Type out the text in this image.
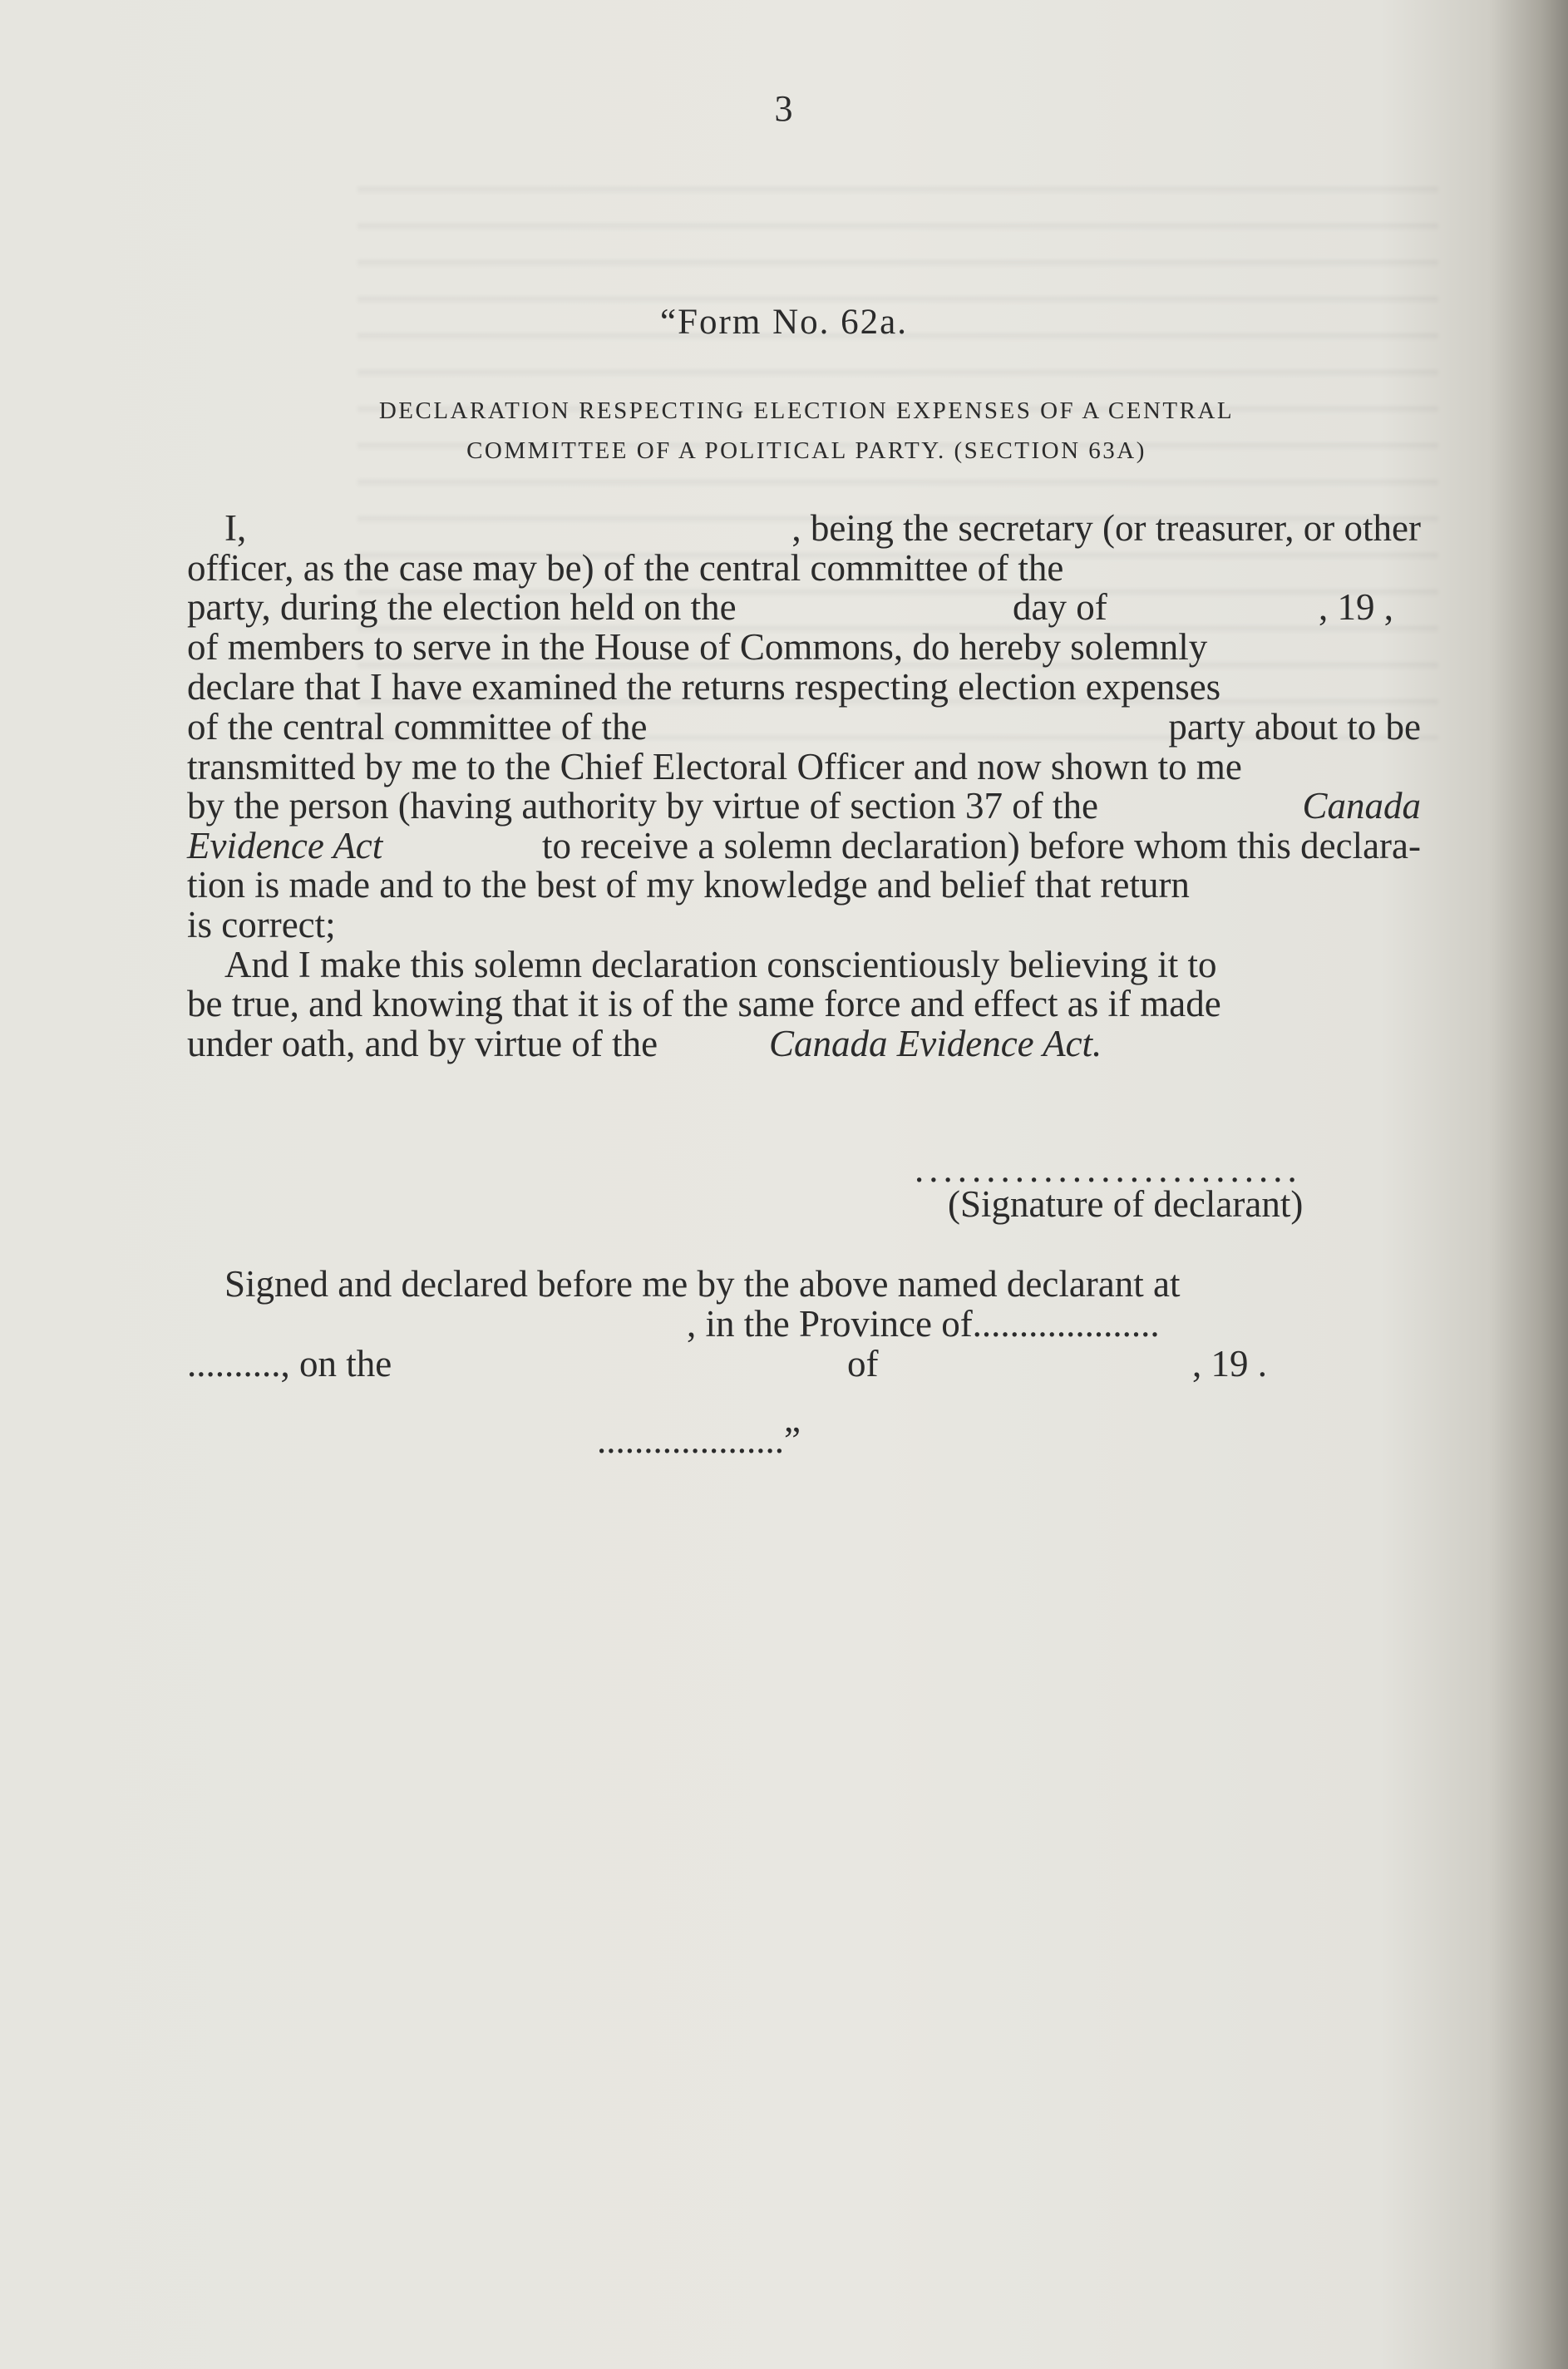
3
“Form No. 62a.
DECLARATION RESPECTING ELECTION EXPENSES OF A CENTRAL
COMMITTEE OF A POLITICAL PARTY. (SECTION 63A)
I,	, being the secretary (or treasurer, or other
officer, as the case may be) of the central committee of the
party, during the election held on the	day of	, 19 ,
of members to serve in the House of Commons, do hereby solemnly
declare that I have examined the returns respecting election expenses
of the central committee of the	party about to be
transmitted by me to the Chief Electoral Officer and now shown to me
by the person (having authority by virtue of section 37 of the	Canada
Evidence Act	to receive a solemn declaration) before whom this declara-
tion is made and to the best of my knowledge and belief that return
is correct;
And I make this solemn declaration conscientiously believing it to
be true, and knowing that it is of the same force and effect as if made
under oath, and by virtue of the	Canada Evidence Act.
...........................
(Signature of declarant)
Signed and declared before me by the above named declarant at
, in the Province of....................
.........., on the	of	, 19 .
....................”
